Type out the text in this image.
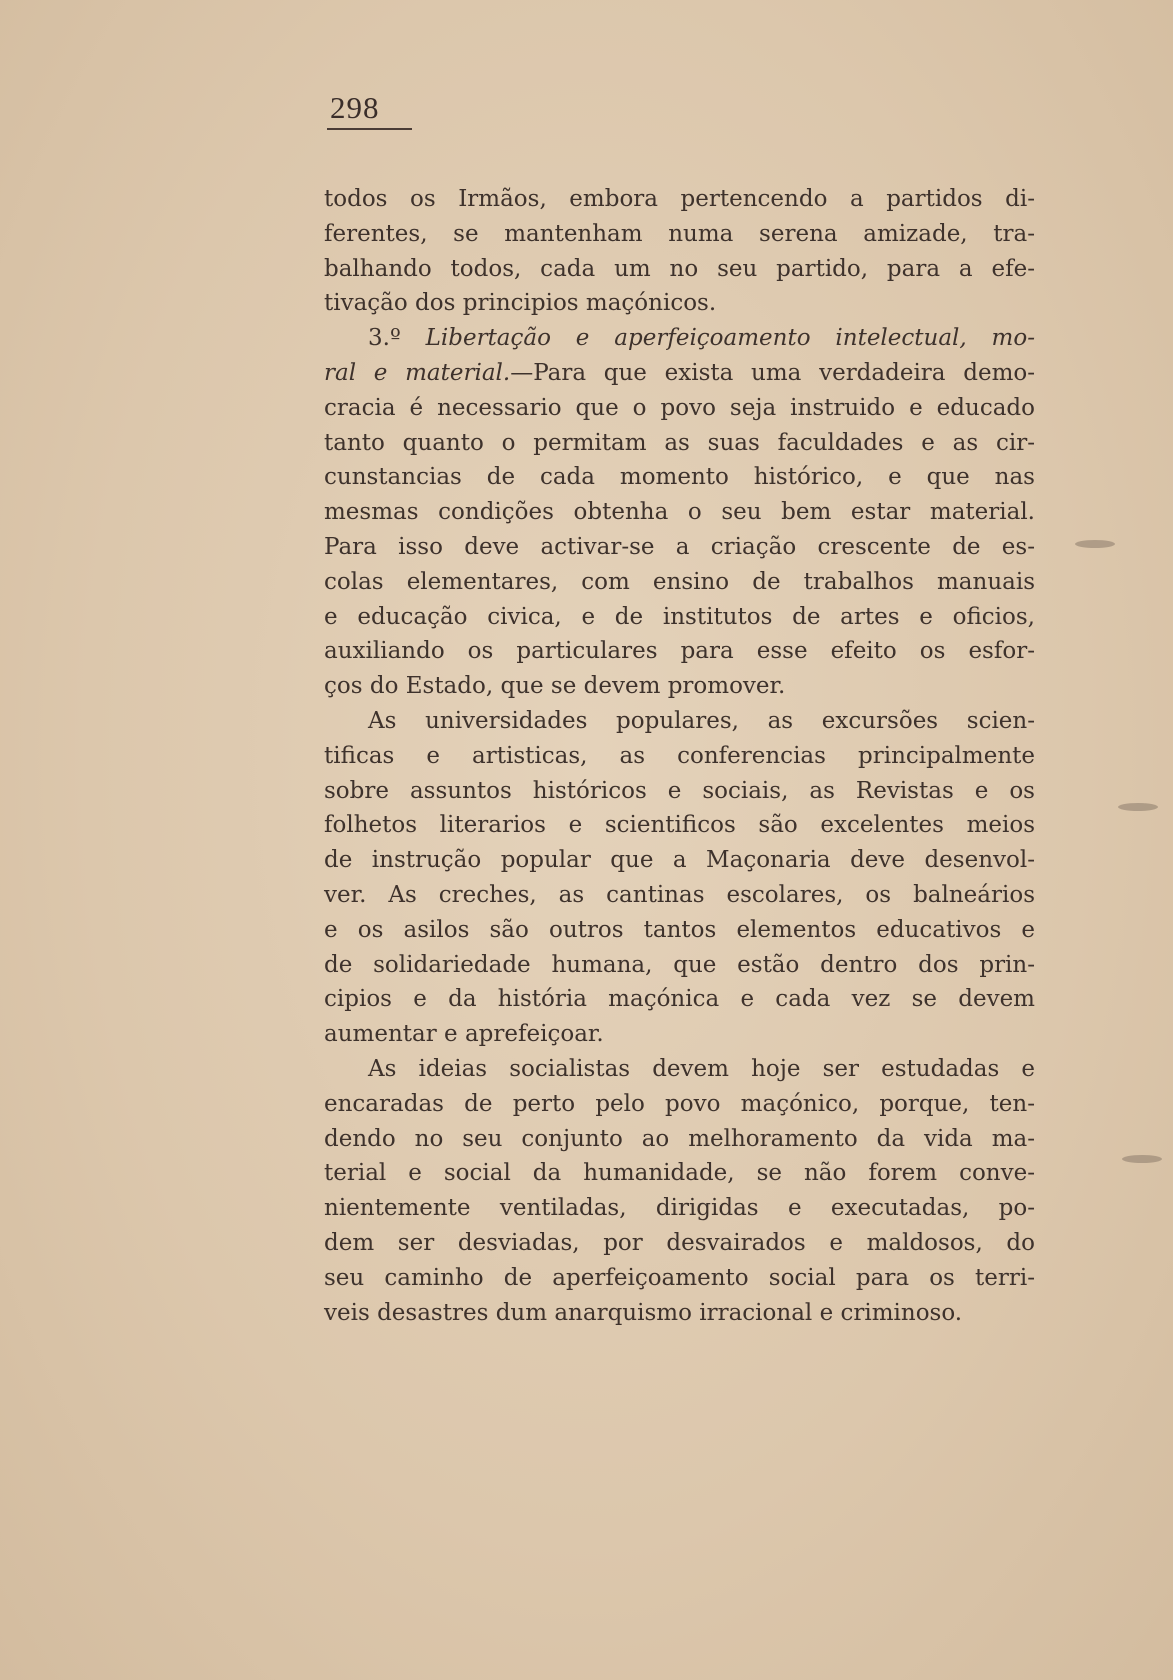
298
todos os Irmãos, embora pertencendo a partidos di-
ferentes, se mantenham numa serena amizade, tra-
balhando todos, cada um no seu partido, para a efe-
tivação dos principios maçónicos.
3.º Libertação e aperfeiçoamento intelectual, mo-
ral e material.—Para que exista uma verdadeira demo-
cracia é necessario que o povo seja instruido e educado
tanto quanto o permitam as suas faculdades e as cir-
cunstancias de cada momento histórico, e que nas
mesmas condições obtenha o seu bem estar material.
Para isso deve activar-se a criação crescente de es-
colas elementares, com ensino de trabalhos manuais
e educação civica, e de institutos de artes e oficios,
auxiliando os particulares para esse efeito os esfor-
ços do Estado, que se devem promover.
As universidades populares, as excursões scien-
tificas e artisticas, as conferencias principalmente
sobre assuntos históricos e sociais, as Revistas e os
folhetos literarios e scientificos são excelentes meios
de instrução popular que a Maçonaria deve desenvol-
ver. As creches, as cantinas escolares, os balneários
e os asilos são outros tantos elementos educativos e
de solidariedade humana, que estão dentro dos prin-
cipios e da história maçónica e cada vez se devem
aumentar e aprefeiçoar.
As ideias socialistas devem hoje ser estudadas e
encaradas de perto pelo povo maçónico, porque, ten-
dendo no seu conjunto ao melhoramento da vida ma-
terial e social da humanidade, se não forem conve-
nientemente ventiladas, dirigidas e executadas, po-
dem ser desviadas, por desvairados e maldosos, do
seu caminho de aperfeiçoamento social para os terri-
veis desastres dum anarquismo irracional e criminoso.
